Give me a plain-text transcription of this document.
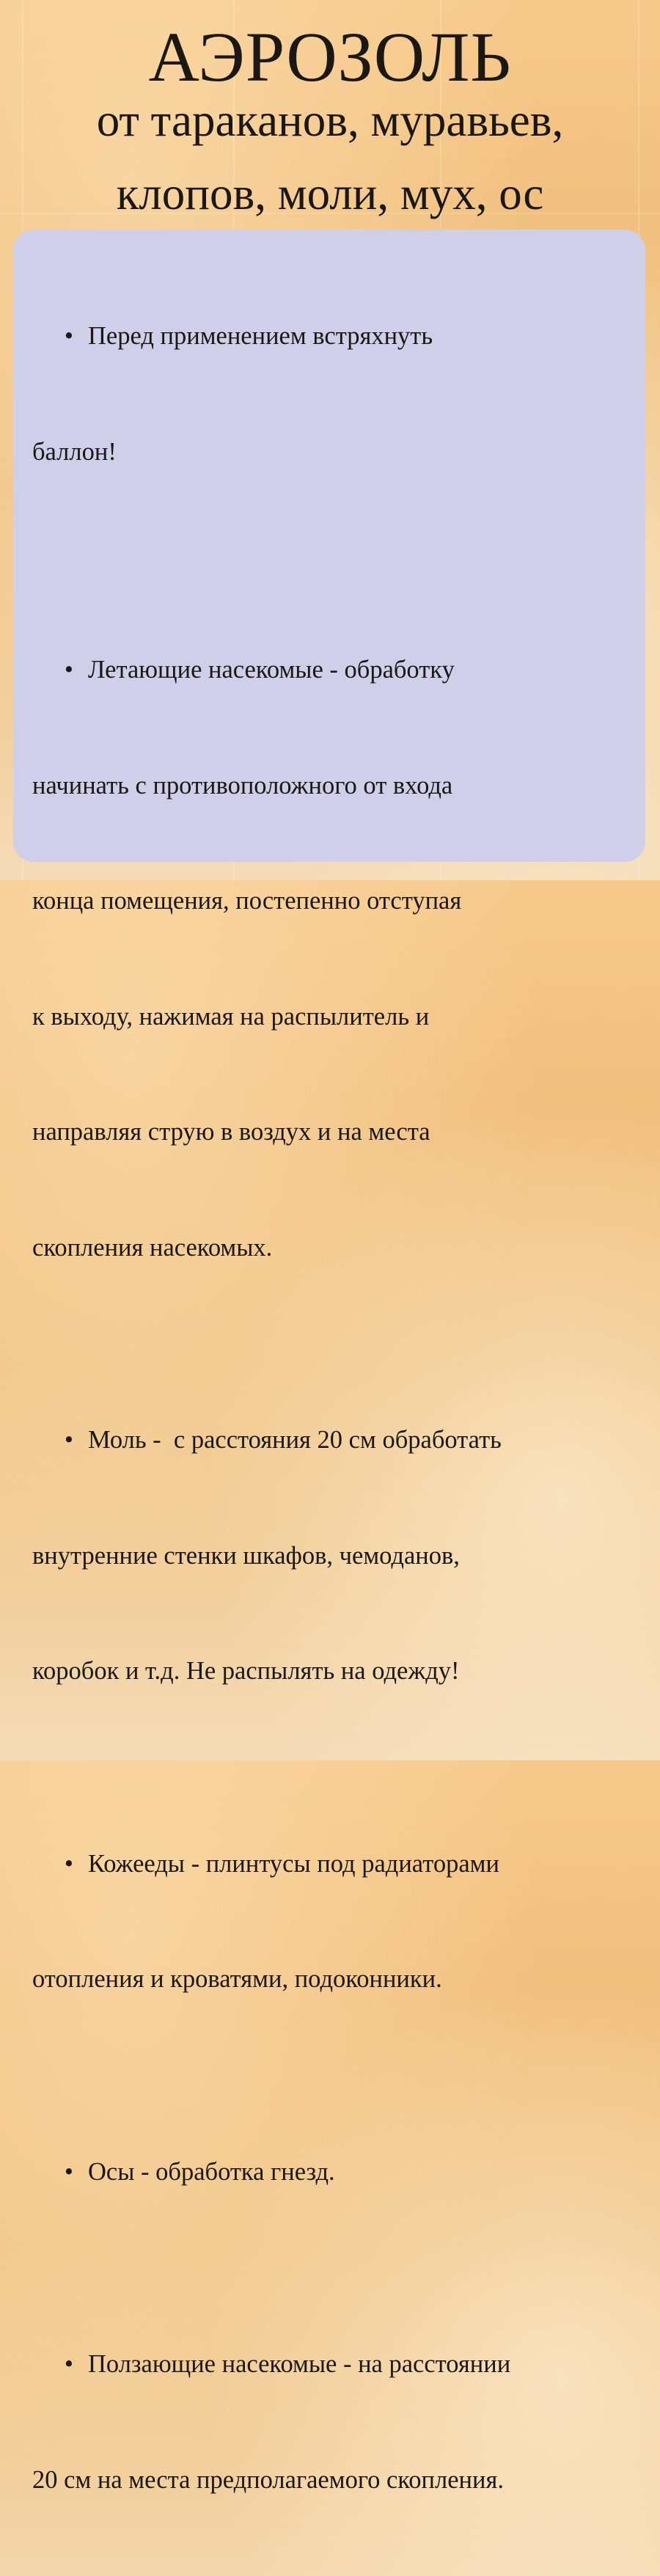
АЭРОЗОЛЬ
от тараканов, муравьев,
клопов, моли, мух, ос

• Перед применением встряхнуть

баллон!

• Летающие насекомые - обработку

начинать с противоположного от входа

конца помещения, постепенно отступая

к выходу, нажимая на распылитель и

направляя струю в воздух и на места

скопления насекомых.

• Моль -  с расстояния 20 см обработать

внутренние стенки шкафов, чемоданов,

коробок и т.д. Не распылять на одежду!

• Кожееды - плинтусы под радиаторами

отопления и кроватями, подоконники.

• Осы - обработка гнезд.

• Ползающие насекомые - на расстоянии

20 см на места предполагаемого скопления.
